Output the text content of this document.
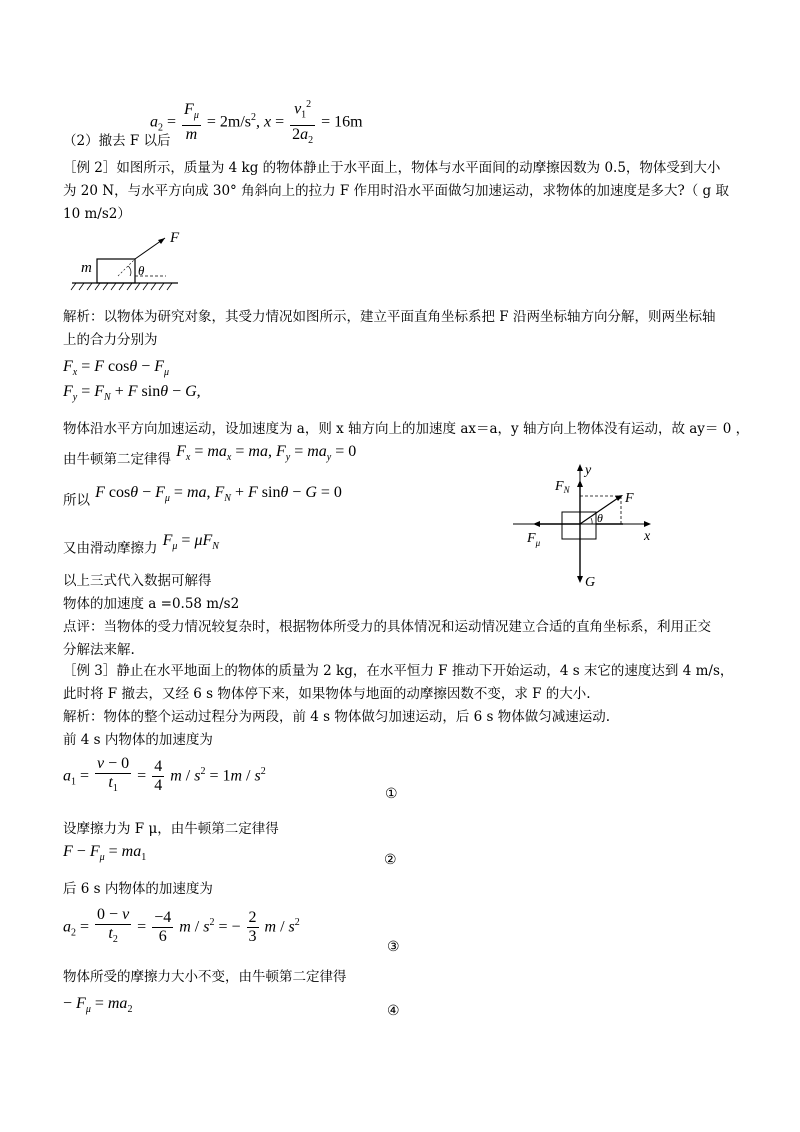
$a_2 = \frac{F_\mu}{m} = 2m/s^2$, $x = \frac{v_1^2}{2a_2} = 16m$
（2）撤去 F 以后
［例 2］如图所示，质量为 4 kg 的物体静止于水平面上，物体与水平面间的动摩擦因数为 0.5，物体受到大小
为 20 N，与水平方向成 30° 角斜向上的拉力 F 作用时沿水平面做匀加速运动，求物体的加速度是多大?（ g 取
10 m/s2）
m	θ
F
解析：以物体为研究对象，其受力情况如图所示，建立平面直角坐标系把 F 沿两坐标轴方向分解，则两坐标轴
上的合力分别为
$F_x = F$ $\cos\theta - F_\mu$
$F_y = F_N + F$ sinθ − G,
物体沿水平方向加速运动，设加速度为 a，则 x 轴方向上的加速度 ax＝a，y 轴方向上物体没有运动，故 ay＝ 0 ，
由牛顿第二定律得 $F_x = ma_x$ = ma, $F_y = ma_y = 0$
所以 F $\cos\theta - F_\mu$ = ma, $F_N + F$ sinθ − G = 0
又由滑动摩擦力 $F_\mu = \mu F_N$
以上三式代入数据可解得
物体的加速度 a =0.58 m/s2
点评：当物体的受力情况较复杂时，根据物体所受力的具体情况和运动情况建立合适的直角坐标系，利用正交
分解法来解.
$F_N$
y
F
θ
x
$F_\mu$
G
［例 3］静止在水平地面上的物体的质量为 2 kg，在水平恒力 F 推动下开始运动，4 s 末它的速度达到 4 m/s，
此时将 F 撤去，又经 6 s 物体停下来，如果物体与地面的动摩擦因数不变，求 F 的大小.
解析：物体的整个运动过程分为两段，前 4 s 物体做匀加速运动，后 6 s 物体做匀减速运动.
前 4 s 内物体的加速度为
$a_1 = \frac{v - 0}{t_1} = \frac{4}{4}$ $m / s^2 = 1m / s^2$
①
设摩擦力为 F μ，由牛顿第二定律得
$F - F_\mu = ma_1$	②
后 6 s 内物体的加速度为
$a_2 = \frac{0 - v}{t_2} = \frac{-4}{6}$ m / $s^2$ = − $\frac{2}{3}$ m / $s^2$
③
物体所受的摩擦力大小不变，由牛顿第二定律得
− $F_\mu = ma_2$	④
